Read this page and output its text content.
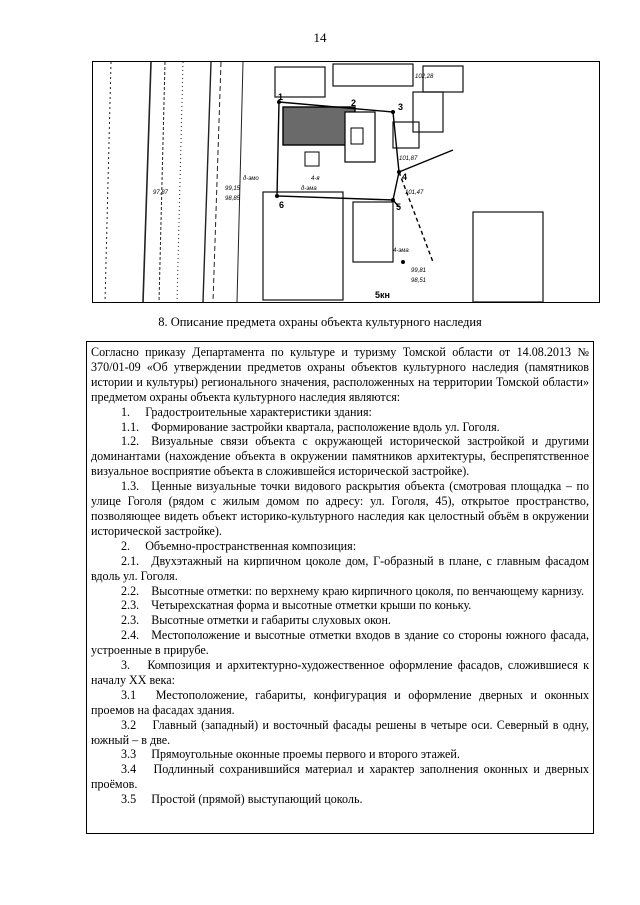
14
1
2	3
4
5
6
4-я
5кн
д-эма
4-эма
д-эмо
102,28
101,87
99,15
98,85
101,47
99,81
98,51
97,87
8. Описание предмета охраны объекта культурного наследия

Согласно приказу Департамента по культуре и туризму Томской области от 14.08.2013 № 370/01-09 «Об утверждении предметов охраны объектов культурного наследия (памятников истории и культуры) регионального значения, расположенных на территории Томской области» предметом охраны объекта культурного наследия являются:

1.  Градостроительные характеристики здания:

1.1. Формирование застройки квартала, расположение вдоль ул. Гоголя.

1.2. Визуальные связи объекта с окружающей исторической застройкой и другими доминантами (нахождение объекта в окружении памятников архитектуры, беспрепятственное визуальное восприятие объекта в сложившейся исторической застройке).

1.3. Ценные визуальные точки видового раскрытия объекта (смотровая площадка – по улице Гоголя (рядом с жилым домом по адресу: ул. Гоголя, 45), открытое пространство, позволяющее видеть объект историко-культурного наследия как целостный объём в окружении исторической застройке).

2.  Объемно-пространственная композиция:

2.1. Двухэтажный на кирпичном цоколе дом, Г-образный в плане, с главным фасадом вдоль ул. Гоголя.

2.2. Высотные отметки: по верхнему краю кирпичного цоколя, по венчающему карнизу.

2.3. Четырехскатная форма и высотные отметки крыши по коньку.

2.3. Высотные отметки и габариты слуховых окон.

2.4. Местоположение и высотные отметки входов в здание со стороны южного фасада, устроенные в прирубе.

3.  Композиция и архитектурно-художественное оформление фасадов, сложившиеся к началу XX века:

3.1  Местоположение, габариты, конфигурация и оформление дверных и оконных проемов на фасадах здания.

3.2  Главный (западный) и восточный фасады решены в четыре оси. Северный в одну, южный – в две.

3.3  Прямоугольные оконные проемы первого и второго этажей.

3.4  Подлинный сохранившийся материал и характер заполнения оконных и дверных проёмов.

3.5  Простой (прямой) выступающий цоколь.
